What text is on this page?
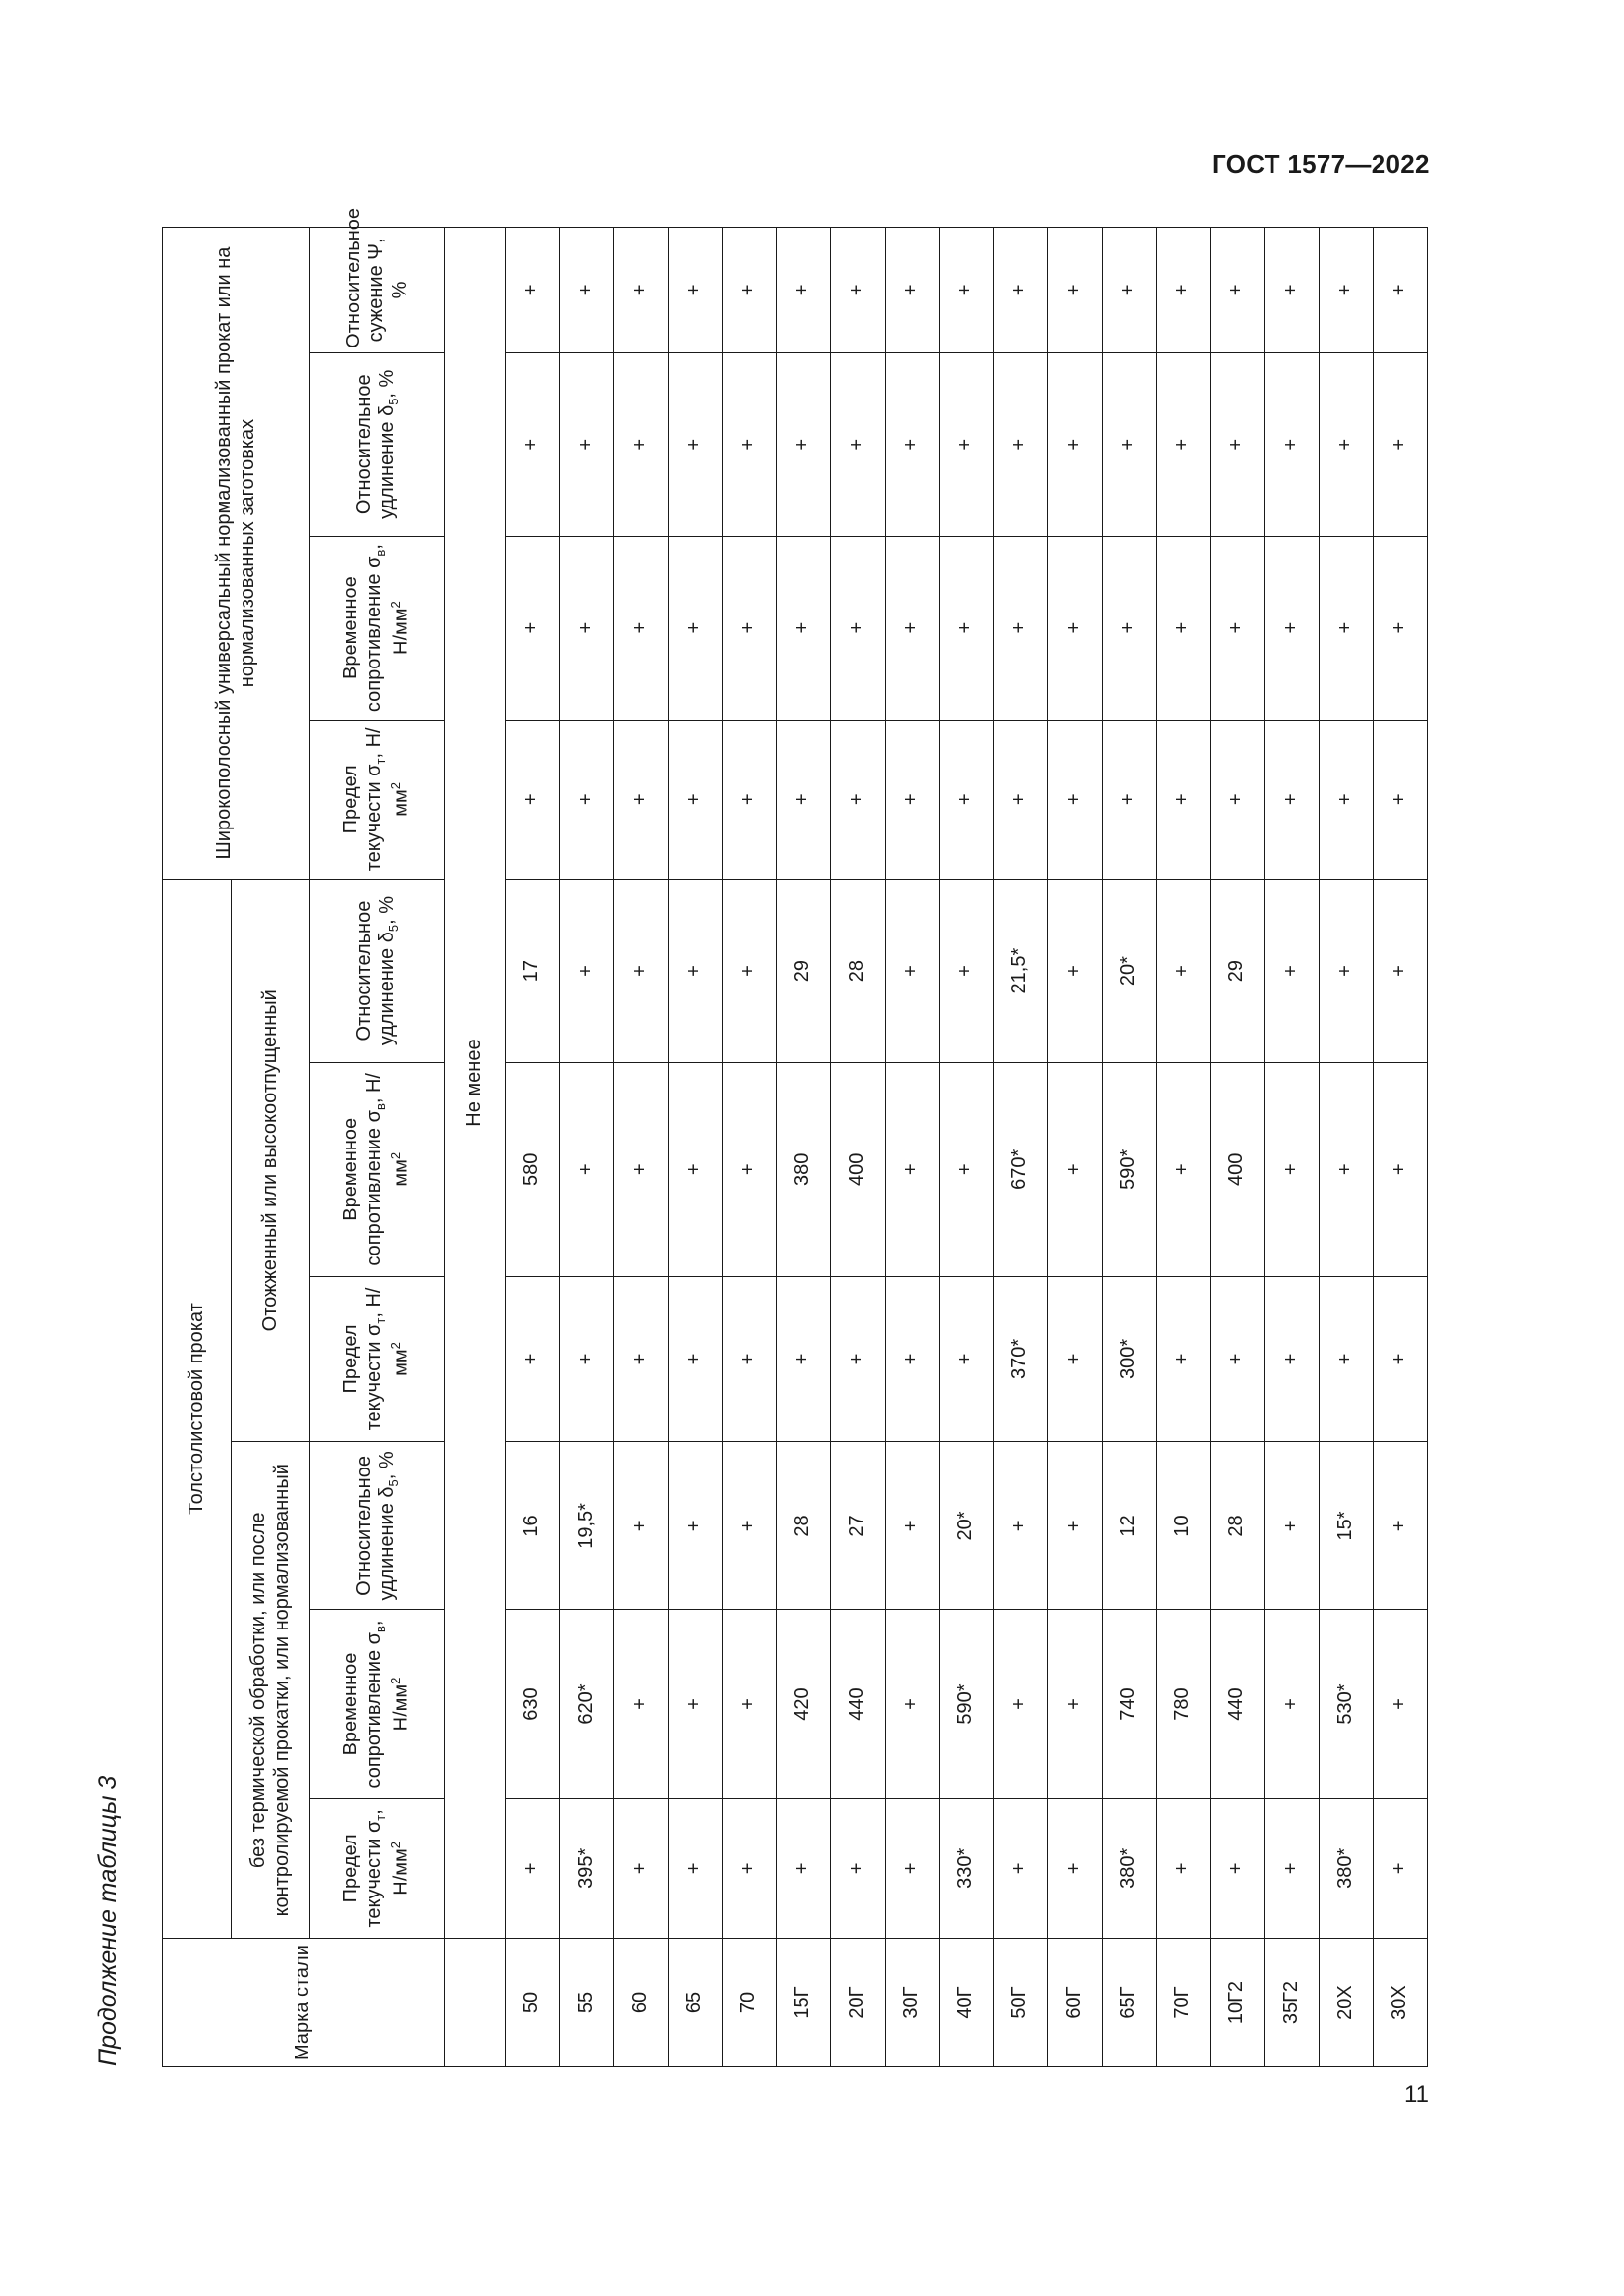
ГОСТ 1577—2022
Продолжение таблицы 3	Марка стали	Толстолистовой прокат						Широкополосный универсальный нормализованный прокат или на нормализованных заготовках			
	без термической обработки, или после контролируемой прокатки, или нормализованный			Отожженный или высокоотпущенный						
	Предел текучести $\sigma_т$, $Н/мм^2$	Временное сопротивление $\sigma_в$, $Н/мм^2$	Относительное удлинение $\delta_5$, %	Предел текучести $\sigma_т$, $Н/мм^2$	Временное сопротивление $\sigma_в$, $Н/мм^2$	Относительное удлинение $\delta_5$, %	Предел текучести $\sigma_т$, $Н/мм^2$	Временное сопротивление $\sigma_в$, $Н/мм^2$	Относительное удлинение $\delta_5$, %	Относительное сужение Ψ, %
	Не менее									
50	+	630	16	+	580	17	+	+	+	+
55	395*	620*	19,5*	+	+	+	+	+	+	+
60	+	+	+	+	+	+	+	+	+	+
65	+	+	+	+	+	+	+	+	+	+
70	+	+	+	+	+	+	+	+	+	+
15Г	+	420	28	+	380	29	+	+	+	+
20Г	+	440	27	+	400	28	+	+	+	+
30Г	+	+	+	+	+	+	+	+	+	+
40Г	330*	590*	20*	+	+	+	+	+	+	+
50Г	+	+	+	370*	670*	21,5*	+	+	+	+
60Г	+	+	+	+	+	+	+	+	+	+
65Г	380*	740	12	300*	590*	20*	+	+	+	+
70Г	+	780	10	+	+	+	+	+	+	+
10Г2	+	440	28	+	400	29	+	+	+	+
35Г2	+	+	+	+	+	+	+	+	+	+
20Х	380*	530*	15*	+	+	+	+	+	+	+
30Х	+	+	+	+	+	+	+	+	+	+
11
